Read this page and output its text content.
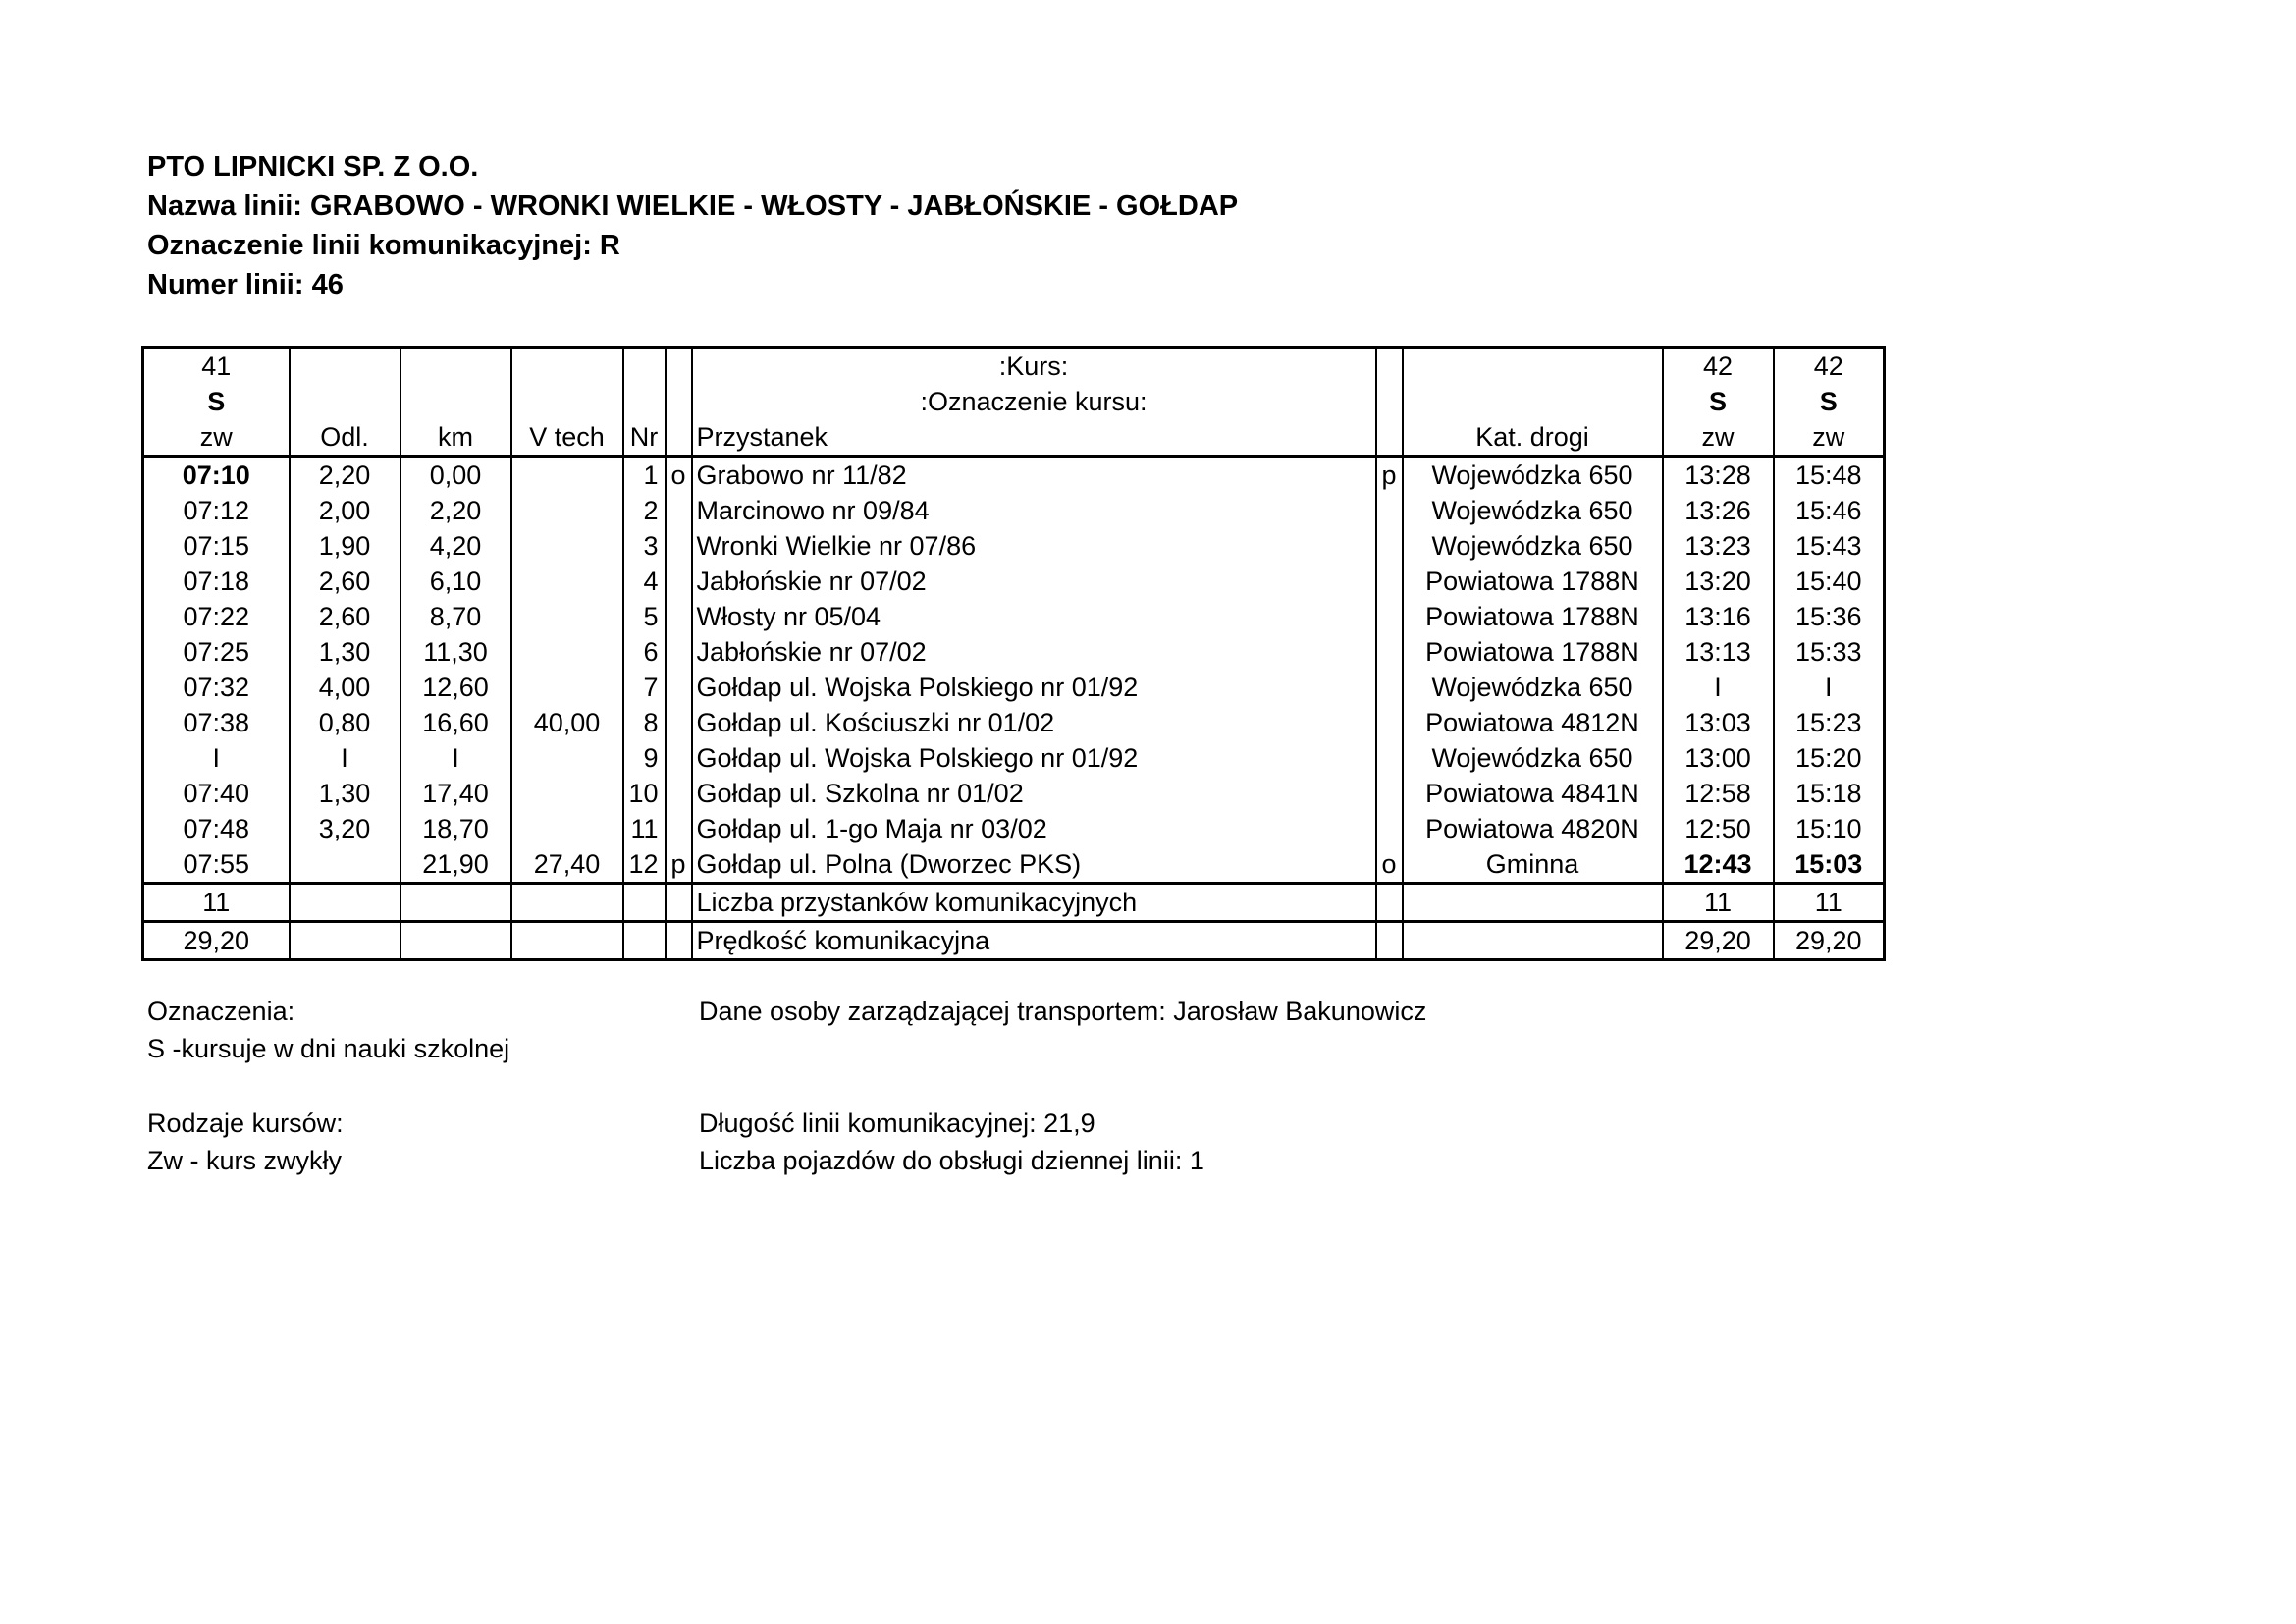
PTO LIPNICKI SP. Z O.O.
Nazwa linii: GRABOWO - WRONKI WIELKIE - WŁOSTY - JABŁOŃSKIE - GOŁDAP
Oznaczenie linii komunikacyjnej: R
Numer linii: 46
41						:Kurs:			42	42
S						:Oznaczenie kursu:			S	S
zw	Odl.	km	V tech	Nr		Przystanek		Kat. drogi	zw	zw
07:10	2,20	0,00		1	o	Grabowo nr 11/82	p	Wojewódzka 650	13:28	15:48
07:12	2,00	2,20		2		Marcinowo nr 09/84		Wojewódzka 650	13:26	15:46
07:15	1,90	4,20		3		Wronki Wielkie nr 07/86		Wojewódzka 650	13:23	15:43
07:18	2,60	6,10		4		Jabłońskie nr 07/02		Powiatowa 1788N	13:20	15:40
07:22	2,60	8,70		5		Włosty nr 05/04		Powiatowa 1788N	13:16	15:36
07:25	1,30	11,30		6		Jabłońskie nr 07/02		Powiatowa 1788N	13:13	15:33
07:32	4,00	12,60		7		Gołdap ul. Wojska Polskiego nr 01/92		Wojewódzka 650	I	I
07:38	0,80	16,60	40,00	8		Gołdap ul. Kościuszki nr 01/02		Powiatowa 4812N	13:03	15:23
I	I	I		9		Gołdap ul. Wojska Polskiego nr 01/92		Wojewódzka 650	13:00	15:20
07:40	1,30	17,40		10		Gołdap ul. Szkolna nr 01/02		Powiatowa 4841N	12:58	15:18
07:48	3,20	18,70		11		Gołdap ul. 1-go Maja nr 03/02		Powiatowa 4820N	12:50	15:10
07:55		21,90	27,40	12	p	Gołdap ul. Polna (Dworzec PKS)	o	Gminna	12:43	15:03
11						Liczba przystanków komunikacyjnych			11	11
29,20						Prędkość komunikacyjna			29,20	29,20
Oznaczenia:
S -kursuje w dni nauki szkolnej
Rodzaje kursów:
Zw - kurs zwykły
Dane osoby zarządzającej transportem: Jarosław Bakunowicz
Długość linii komunikacyjnej: 21,9
Liczba pojazdów do obsługi dziennej linii: 1
